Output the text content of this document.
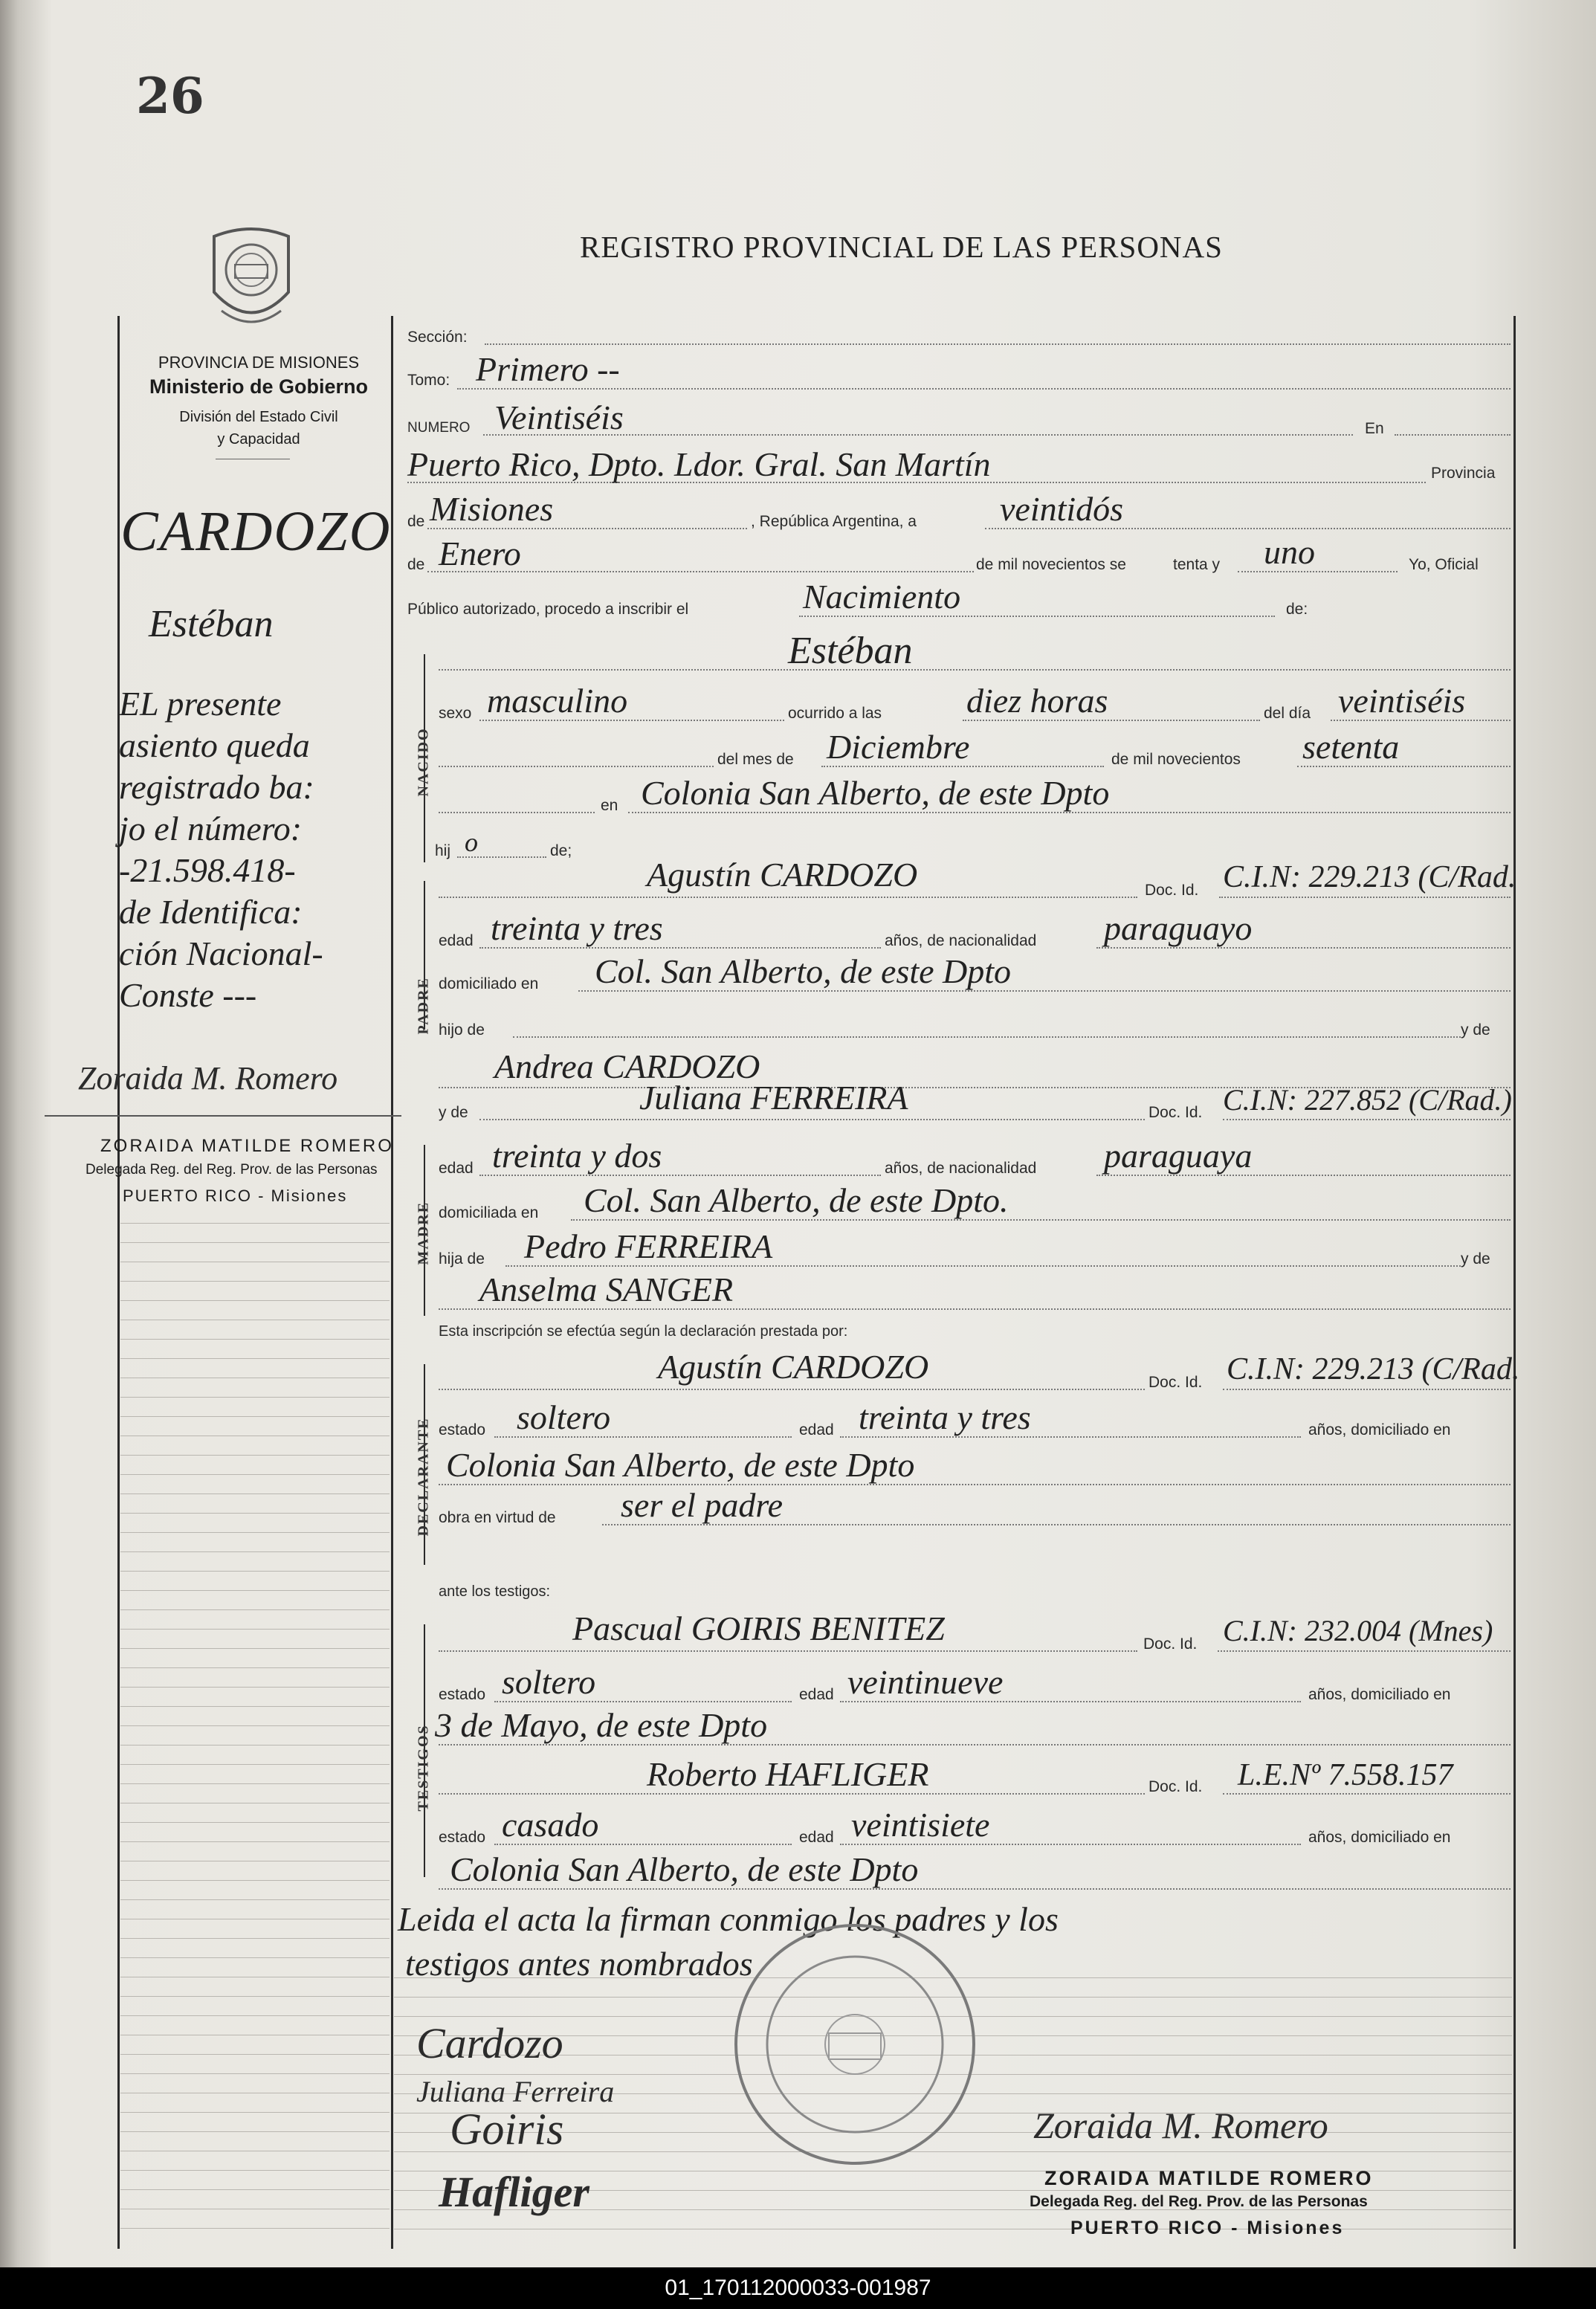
26
REGISTRO PROVINCIAL DE LAS PERSONAS
PROVINCIA DE MISIONES
Ministerio de Gobierno
División del Estado Civil
y Capacidad
CARDOZO
Estéban
EL presente
asiento queda
registrado ba:
jo el número:
-21.598.418-
de Identifica:
ción Nacional-
Conste ---
Zoraida M. Romero
ZORAIDA MATILDE ROMERO
Delegada Reg. del Reg. Prov. de las Personas
PUERTO RICO - Misiones
NACIDO
PADRE
MADRE
DECLARANTE
TESTIGOS
Sección:
Tomo: Primero --
NUMERO Veintiséis	En
Puerto Rico, Dpto. Ldor. Gral. San Martín	Provincia
de Misiones	, República Argentina, a veintidós
de Enero	de mil novecientos se	tenta y uno	Yo, Oficial
Público autorizado, procedo a inscribir el	Nacimiento	de:
Estéban
sexo masculino	ocurrido a las diez horas	del día veintiséis
del mes de Diciembre	de mil novecientos setenta
en Colonia San Alberto, de este Dpto
hij o	de;
Agustín CARDOZO	Doc. Id. C.I.N: 229.213 (C/Rad.
edad treinta y tres	años, de nacionalidad paraguayo
domiciliado en Col. San Alberto, de este Dpto
hijo de	y de
Andrea CARDOZO
y de	Juliana FERREIRA	Doc. Id. C.I.N: 227.852 (C/Rad.)
edad treinta y dos	años, de nacionalidad paraguaya
domiciliada en Col. San Alberto, de este Dpto.
hija de Pedro FERREIRA	y de
Anselma SANGER
Esta inscripción se efectúa según la declaración prestada por:
Agustín CARDOZO	Doc. Id. C.I.N: 229.213 (C/Rad.
estado soltero	edad treinta y tres	años, domiciliado en
Colonia San Alberto, de este Dpto
obra en virtud de ser el padre
ante los testigos:
Pascual GOIRIS BENITEZ	Doc. Id. C.I.N: 232.004 (Mnes)
estado soltero	edad veintinueve	años, domiciliado en
3 de Mayo, de este Dpto
Roberto HAFLIGER	Doc. Id. L.E.Nº 7.558.157
estado casado	edad veintisiete	años, domiciliado en
Colonia San Alberto, de este Dpto
Leida el acta la firman conmigo los padres y los
testigos antes nombrados
Cardozo
Juliana Ferreira
Goiris
Hafliger
Zoraida M. Romero
ZORAIDA MATILDE ROMERO
Delegada Reg. del Reg. Prov. de las Personas
PUERTO RICO - Misiones
01_170112000033-001987
